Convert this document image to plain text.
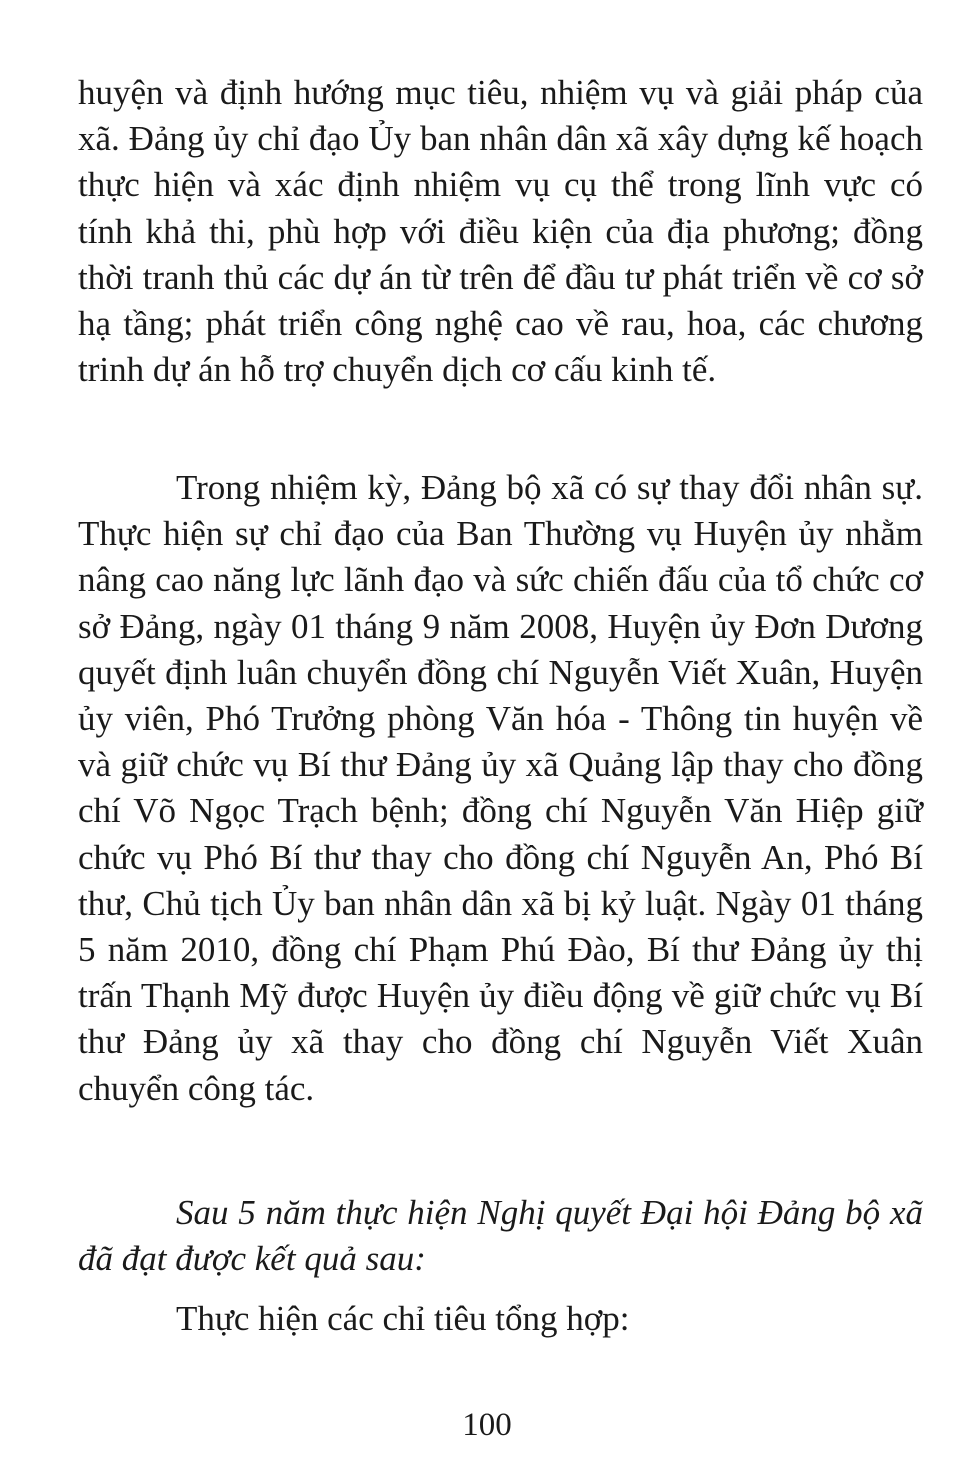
huyện và định hướng mục tiêu, nhiệm vụ và giải pháp của xã. Đảng ủy chỉ đạo Ủy ban nhân dân xã xây dựng kế hoạch thực hiện và xác định nhiệm vụ cụ thể trong lĩnh vực có tính khả thi, phù hợp với điều kiện của địa phương; đồng thời tranh thủ các dự án từ trên để đầu tư phát triển về cơ sở hạ tầng; phát triển công nghệ cao về rau, hoa, các chương trinh dự án hỗ trợ chuyển dịch cơ cấu kinh tế.

Trong nhiệm kỳ, Đảng bộ xã có sự thay đổi nhân sự. Thực hiện sự chỉ đạo của Ban Thường vụ Huyện ủy nhằm nâng cao năng lực lãnh đạo và sức chiến đấu của tổ chức cơ sở Đảng, ngày 01 tháng 9 năm 2008, Huyện ủy Đơn Dương quyết định luân chuyển đồng chí Nguyễn Viết Xuân, Huyện ủy viên, Phó Trưởng phòng Văn hóa - Thông tin huyện về và giữ chức vụ Bí thư Đảng ủy xã Quảng lập thay cho đồng chí Võ Ngọc Trạch bệnh; đồng chí Nguyễn Văn Hiệp giữ chức vụ Phó Bí thư thay cho đồng chí Nguyễn An, Phó Bí thư, Chủ tịch Ủy ban nhân dân xã bị kỷ luật. Ngày 01 tháng 5 năm 2010, đồng chí Phạm Phú Đào, Bí thư Đảng ủy thị trấn Thạnh Mỹ được Huyện ủy điều động về giữ chức vụ Bí thư Đảng ủy xã thay cho đồng chí Nguyễn Viết Xuân chuyển công tác.

Sau 5 năm thực hiện Nghị quyết Đại hội Đảng bộ xã đã đạt được kết quả sau:

Thực hiện các chỉ tiêu tổng hợp:

100
